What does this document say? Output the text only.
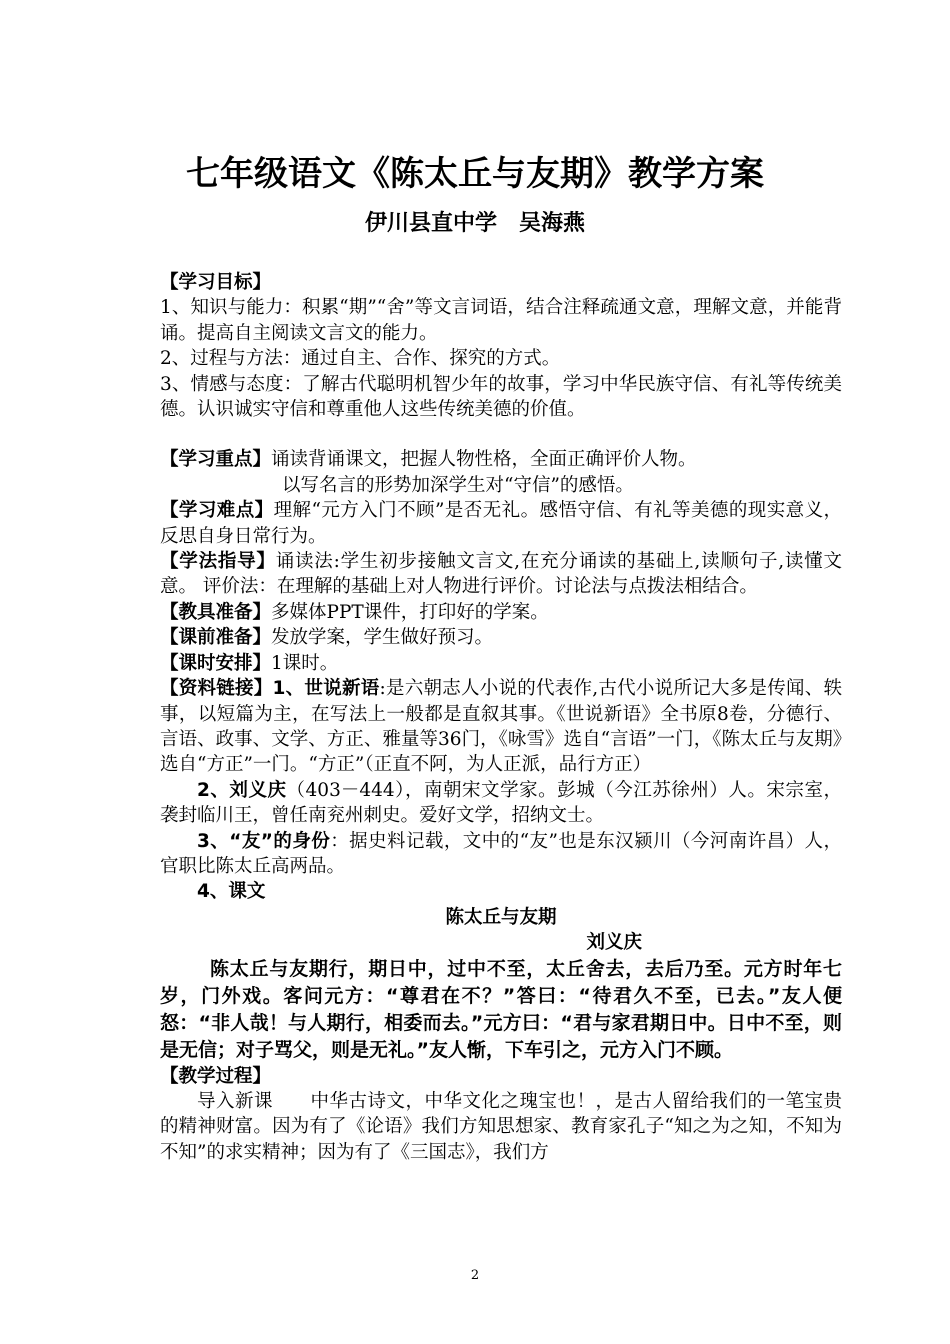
七年级语文《陈太丘与友期》教学方案
伊川县直中学　吴海燕

【学习目标】

1、知识与能力：积累“期”“舍”等文言词语，结合注释疏通文意，理解文意，并能背诵。提高自主阅读文言文的能力。

2、过程与方法：通过自主、合作、探究的方式。

3、情感与态度：了解古代聪明机智少年的故事，学习中华民族守信、有礼等传统美德。认识诚实守信和尊重他人这些传统美德的价值。

【学习重点】诵读背诵课文，把握人物性格，全面正确评价人物。

以写名言的形势加深学生对“守信”的感悟。

【学习难点】理解“元方入门不顾”是否无礼。感悟守信、有礼等美德的现实意义，反思自身日常行为。

【学法指导】诵读法:学生初步接触文言文,在充分诵读的基础上,读顺句子,读懂文意。 评价法：在理解的基础上对人物进行评价。讨论法与点拨法相结合。

【教具准备】多媒体PPT课件，打印好的学案。

【课前准备】发放学案，学生做好预习。

【课时安排】1课时。

【资料链接】1、世说新语:是六朝志人小说的代表作,古代小说所记大多是传闻、轶事，以短篇为主，在写法上一般都是直叙其事。《世说新语》全书原8卷，分德行、言语、政事、文学、方正、雅量等36门，《咏雪》选自“言语”一门，《陈太丘与友期》选自“方正”一门。“方正”（正直不阿，为人正派，品行方正）

2、刘义庆（403－444），南朝宋文学家。彭城（今江苏徐州）人。宋宗室，袭封临川王，曾任南兖州刺史。爱好文学，招纳文士。

3、“友”的身份：据史料记载，文中的“友”也是东汉颍川（今河南许昌）人，官职比陈太丘高两品。

4、课文

陈太丘与友期

刘义庆

陈太丘与友期行，期日中，过中不至，太丘舍去，去后乃至。元方时年七岁，门外戏。客问元方：“尊君在不？”答曰：“待君久不至，已去。”友人便怒：“非人哉！与人期行，相委而去。”元方曰：“君与家君期日中。日中不至，则是无信；对子骂父，则是无礼。”友人惭，下车引之，元方入门不顾。

【教学过程】

导入新课 中华古诗文，中华文化之瑰宝也！，是古人留给我们的一笔宝贵的精神财富。因为有了《论语》我们方知思想家、教育家孔子“知之为之知，不知为不知”的求实精神；因为有了《三国志》，我们方

2
